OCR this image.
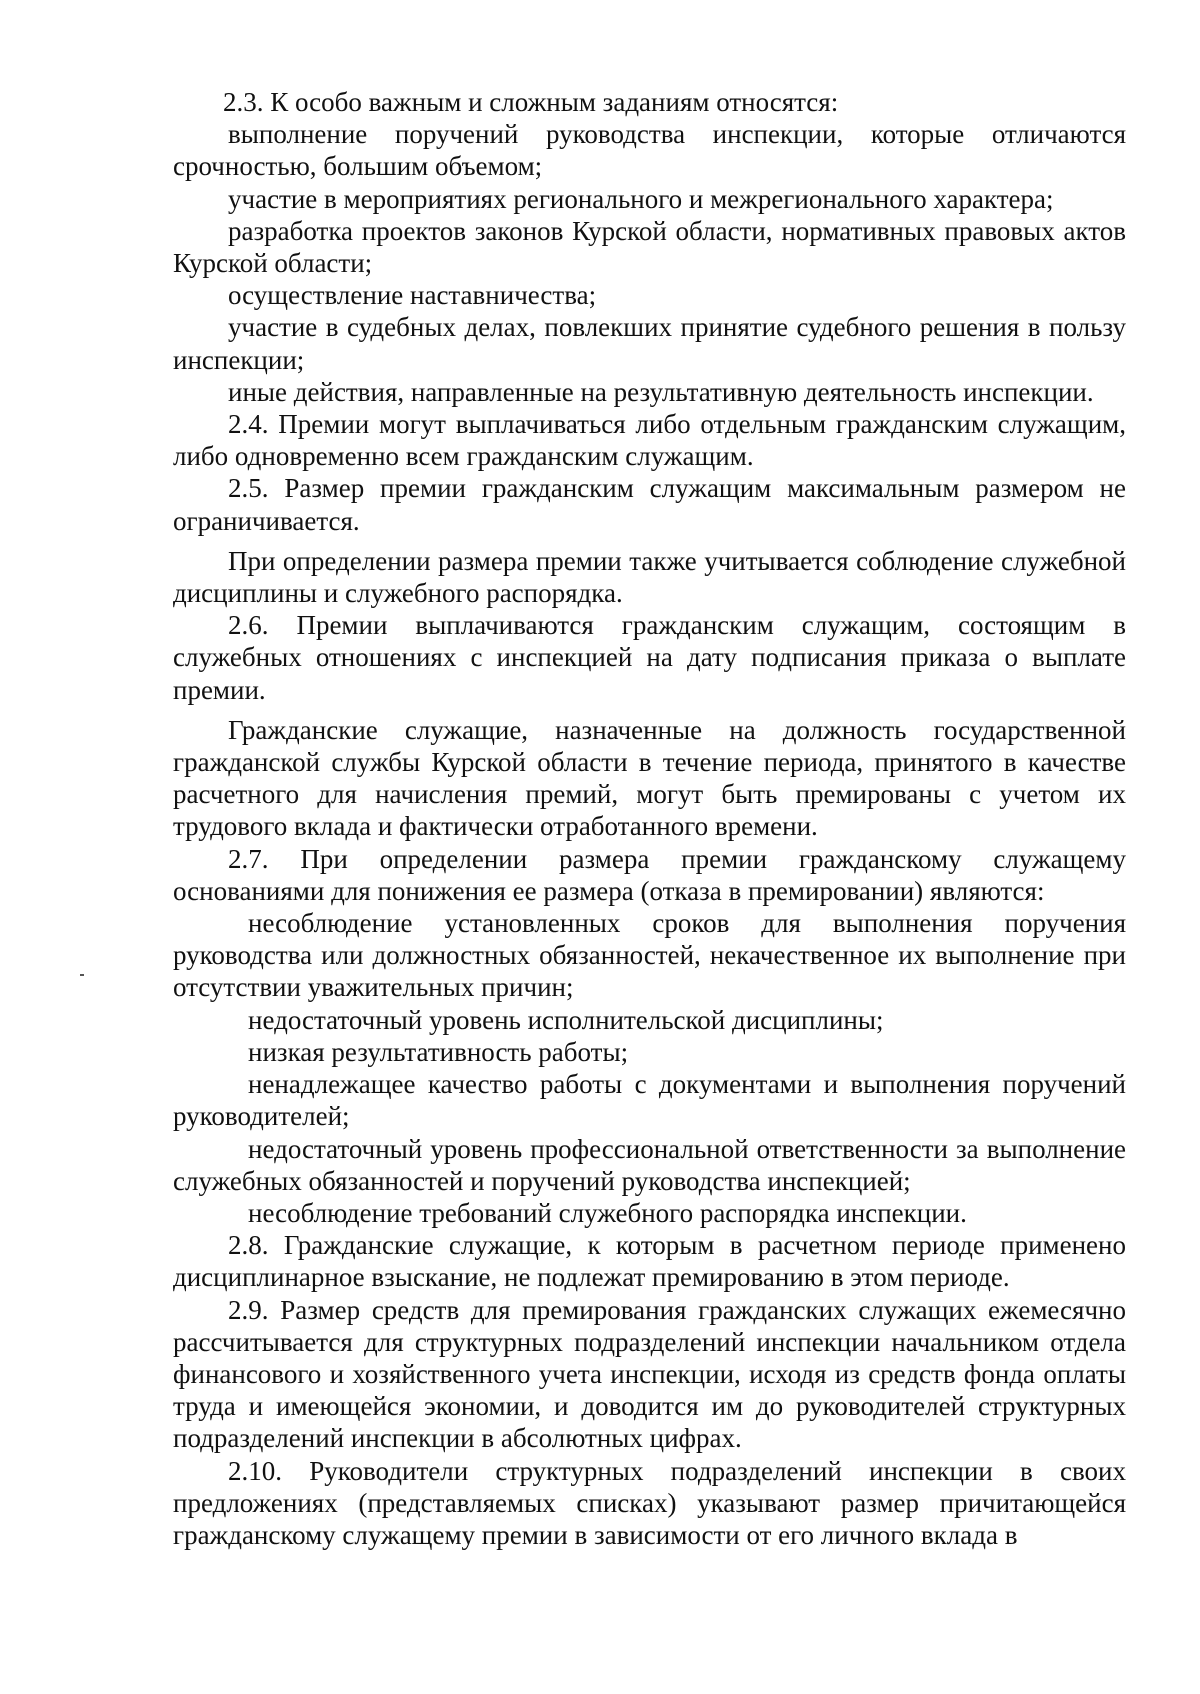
2.3. К особо важным и сложным заданиям относятся:

выполнение поручений руководства инспекции, которые отличаются срочностью, большим объемом;

участие в мероприятиях регионального и межрегионального характера;

разработка проектов законов Курской области, нормативных правовых актов Курской области;

осуществление наставничества;

участие в судебных делах, повлекших принятие судебного решения в пользу инспекции;

иные действия, направленные на результативную деятельность инспекции.

2.4. Премии могут выплачиваться либо отдельным гражданским служащим, либо одновременно всем гражданским служащим.

2.5. Размер премии гражданским служащим максимальным размером не ограничивается.

При определении размера премии также учитывается соблюдение служебной дисциплины и служебного распорядка.

2.6. Премии выплачиваются гражданским служащим, состоящим в служебных отношениях с инспекцией на дату подписания приказа о выплате премии.

Гражданские служащие, назначенные на должность государственной гражданской службы Курской области в течение периода, принятого в качестве расчетного для начисления премий, могут быть премированы с учетом их трудового вклада и фактически отработанного времени.

2.7. При определении размера премии гражданскому служащему основаниями для понижения ее размера (отказа в премировании) являются:

несоблюдение установленных сроков для выполнения поручения руководства или должностных обязанностей, некачественное их выполнение при отсутствии уважительных причин;

недостаточный уровень исполнительской дисциплины;

низкая результативность работы;

ненадлежащее качество работы с документами и выполнения поручений руководителей;

недостаточный уровень профессиональной ответственности за выполнение служебных обязанностей и поручений руководства инспекцией;

несоблюдение требований служебного распорядка инспекции.

2.8. Гражданские служащие, к которым в расчетном периоде применено дисциплинарное взыскание, не подлежат премированию в этом периоде.

2.9. Размер средств для премирования гражданских служащих ежемесячно рассчитывается для структурных подразделений инспекции начальником отдела финансового и хозяйственного учета инспекции, исходя из средств фонда оплаты труда и имеющейся экономии, и доводится им до руководителей структурных подразделений инспекции в абсолютных цифрах.

2.10. Руководители структурных подразделений инспекции в своих предложениях (представляемых списках) указывают размер причитающейся гражданскому служащему премии в зависимости от его личного вклада в
